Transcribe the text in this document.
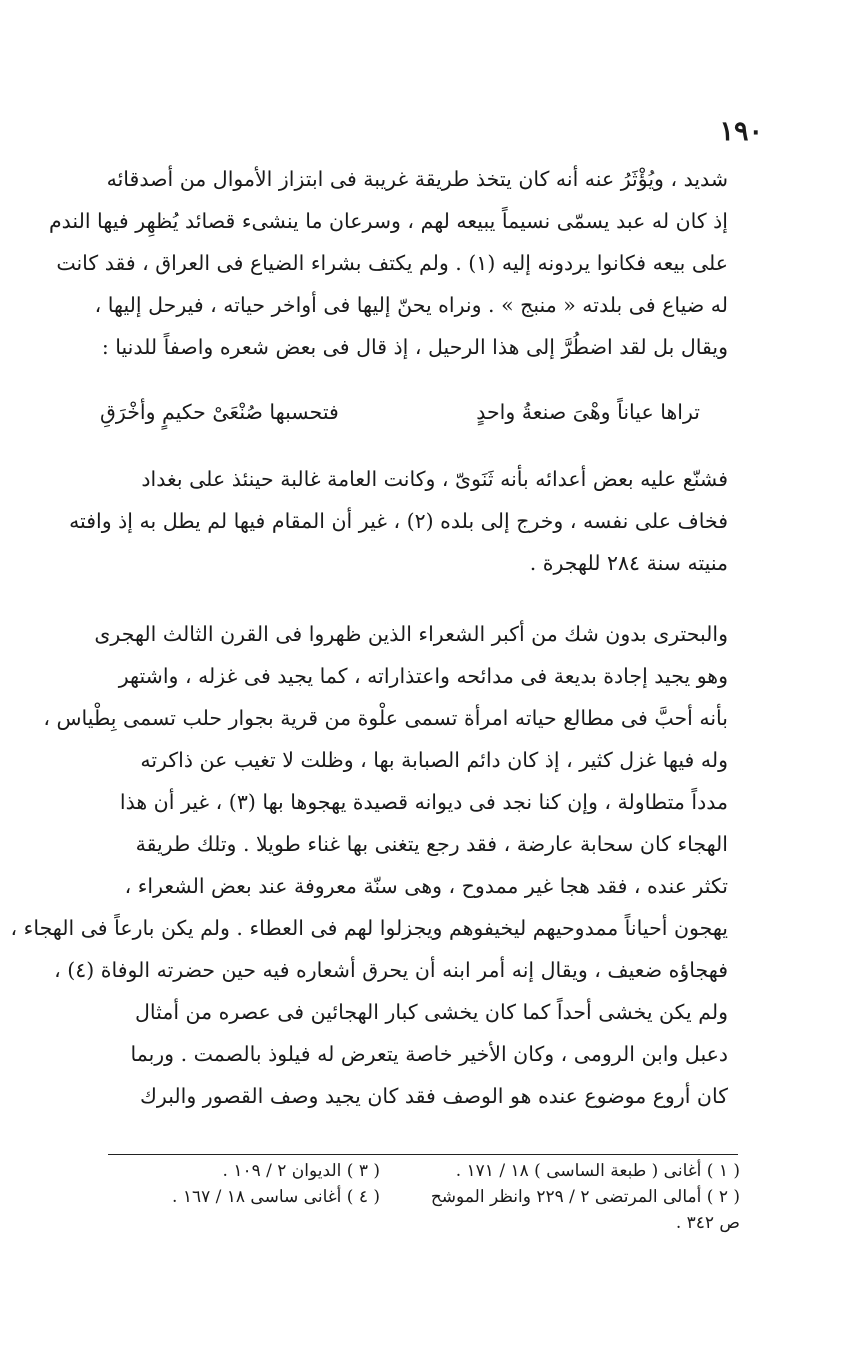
١٩٠
شديد ، ويُؤْثَرُ عنه أنه كان يتخذ طريقة غريبة فى ابتزاز الأموال من أصدقائه
إذ كان له عبد يسمّى نسيماً يبيعه لهم ، وسرعان ما ينشىء قصائد يُظهِر فيها الندم
على بيعه فكانوا يردونه إليه (١) . ولم يكتف بشراء الضياع فى العراق ، فقد كانت
له ضياع فى بلدته « منبج » . ونراه يحنّ إليها فى أواخر حياته ، فيرحل إليها ،
ويقال بل لقد اضطُرَّ إلى هذا الرحيل ، إذ قال فى بعض شعره واصفاً للدنيا :
تراها عياناً وهْىَ صنعةُ واحدٍ
فتحسبها صُنْعَىْ حكيمٍ وأخْرَقِ
فشنّع عليه بعض أعدائه بأنه ثَنَوىّ ، وكانت العامة غالبة حينئذ على بغداد
فخاف على نفسه ، وخرج إلى بلده (٢) ، غير أن المقام فيها لم يطل به إذ وافته
منيته سنة ٢٨٤ للهجرة .
والبحترى بدون شك من أكبر الشعراء الذين ظهروا فى القرن الثالث الهجرى
وهو يجيد إجادة بديعة فى مدائحه واعتذاراته ، كما يجيد فى غزله ، واشتهر
بأنه أحبَّ فى مطالع حياته امرأة تسمى علْوة من قرية بجوار حلب تسمى بِطْياس ،
وله فيها غزل كثير ، إذ كان دائم الصبابة بها ، وظلت لا تغيب عن ذاكرته
مدداً متطاولة ، وإن كنا نجد فى ديوانه قصيدة يهجوها بها (٣) ، غير أن هذا
الهجاء كان سحابة عارضة ، فقد رجع يتغنى بها غناء طويلا . وتلك طريقة
تكثر عنده ، فقد هجا غير ممدوح ، وهى سنّة معروفة عند بعض الشعراء ،
يهجون أحياناً ممدوحيهم ليخيفوهم ويجزلوا لهم فى العطاء . ولم يكن بارعاً فى الهجاء ،
فهجاؤه ضعيف ، ويقال إنه أمر ابنه أن يحرق أشعاره فيه حين حضرته الوفاة (٤) ،
ولم يكن يخشى أحداً كما كان يخشى كبار الهجائين فى عصره من أمثال
دعبل وابن الرومى ، وكان الأخير خاصة يتعرض له فيلوذ بالصمت . وربما
كان أروع موضوع عنده هو الوصف فقد كان يجيد وصف القصور والبرك
( ١ ) أغانى ( طبعة الساسى ) ١٨ / ١٧١ .
( ٣ ) الديوان ٢ / ١٠٩ .
( ٢ ) أمالى المرتضى ٢ / ٢٢٩ وانظر الموشح
( ٤ ) أغانى ساسى ١٨ / ١٦٧ .
ص ٣٤٢ .
